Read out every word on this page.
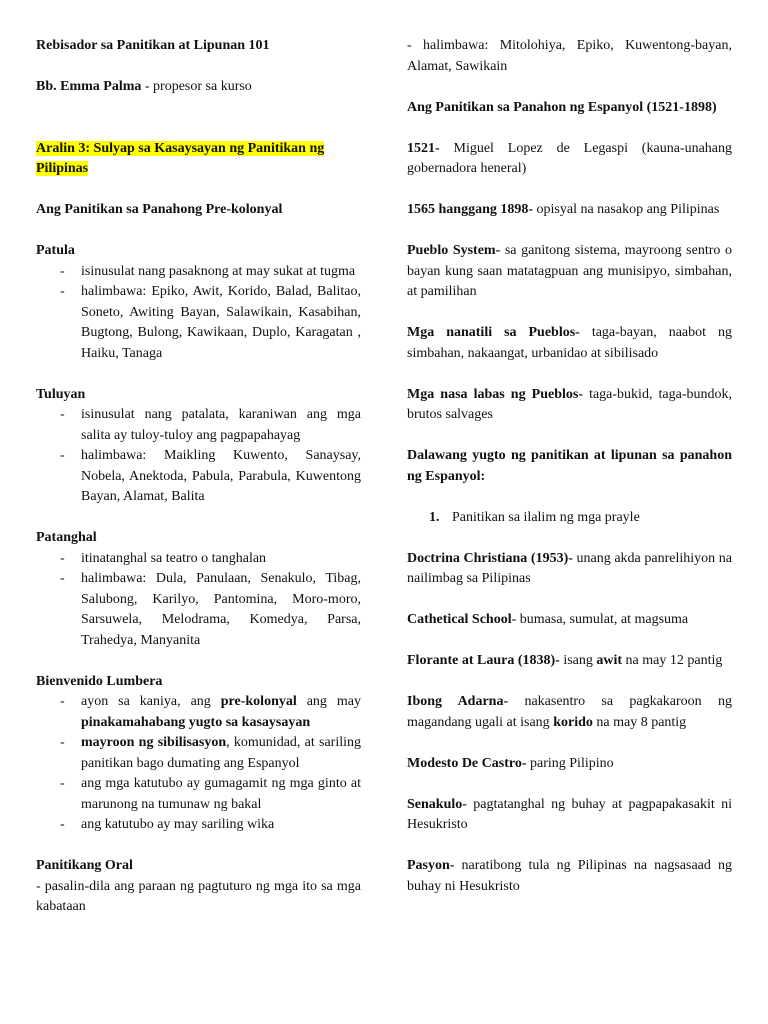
Rebisador sa Panitikan at Lipunan 101

Bb. Emma Palma - propesor sa kurso

Aralin 3: Sulyap sa Kasaysayan ng Panitikan ng Pilipinas

Ang Panitikan sa Panahong Pre-kolonyal

Patula
- isinusulat nang pasaknong at may sukat at tugma
- halimbawa: Epiko, Awit, Korido, Balad, Balitao, Soneto, Awiting Bayan, Salawikain, Kasabihan, Bugtong, Bulong, Kawikaan, Duplo, Karagatan , Haiku, Tanaga
Tuluyan
- isinusulat nang patalata, karaniwan ang mga salita ay tuloy-tuloy ang pagpapahayag
- halimbawa: Maikling Kuwento, Sanaysay, Nobela, Anektoda, Pabula, Parabula, Kuwentong Bayan, Alamat, Balita
Patanghal
- itinatanghal sa teatro o tanghalan
- halimbawa: Dula, Panulaan, Senakulo, Tibag, Salubong, Karilyo, Pantomina, Moro-moro, Sarsuwela, Melodrama, Komedya, Parsa, Trahedya, Manyanita
Bienvenido Lumbera
- ayon sa kaniya, ang pre-kolonyal ang may pinakamahabang yugto sa kasaysayan
- mayroon ng sibilisasyon, komunidad, at sariling panitikan bago dumating ang Espanyol
- ang mga katutubo ay gumagamit ng mga ginto at marunong na tumunaw ng bakal
- ang katutubo ay may sariling wika
Panitikang Oral
- pasalin-dila ang paraan ng pagtuturo ng mga ito sa mga kabataan

- halimbawa: Mitolohiya, Epiko, Kuwentong-bayan, Alamat, Sawikain

Ang Panitikan sa Panahon ng Espanyol (1521-1898)

1521- Miguel Lopez de Legaspi (kauna-unahang gobernadora heneral)

1565 hanggang 1898- opisyal na nasakop ang Pilipinas

Pueblo System- sa ganitong sistema, mayroong sentro o bayan kung saan matatagpuan ang munisipyo, simbahan, at pamilihan

Mga nanatili sa Pueblos- taga-bayan, naabot ng simbahan, nakaangat, urbanidao at sibilisado

Mga nasa labas ng Pueblos- taga-bukid, taga-bundok, brutos salvages

Dalawang yugto ng panitikan at lipunan sa panahon ng Espanyol:

1. Panitikan sa ilalim ng mga prayle

Doctrina Christiana (1953)- unang akda panrelihiyon na nailimbag sa Pilipinas

Cathetical School- bumasa, sumulat, at magsuma

Florante at Laura (1838)- isang awit na may 12 pantig

Ibong Adarna- nakasentro sa pagkakaroon ng magandang ugali at isang korido na may 8 pantig

Modesto De Castro- paring Pilipino

Senakulo- pagtatanghal ng buhay at pagpapakasakit ni Hesukristo

Pasyon- naratibong tula ng Pilipinas na nagsasaad ng buhay ni Hesukristo
